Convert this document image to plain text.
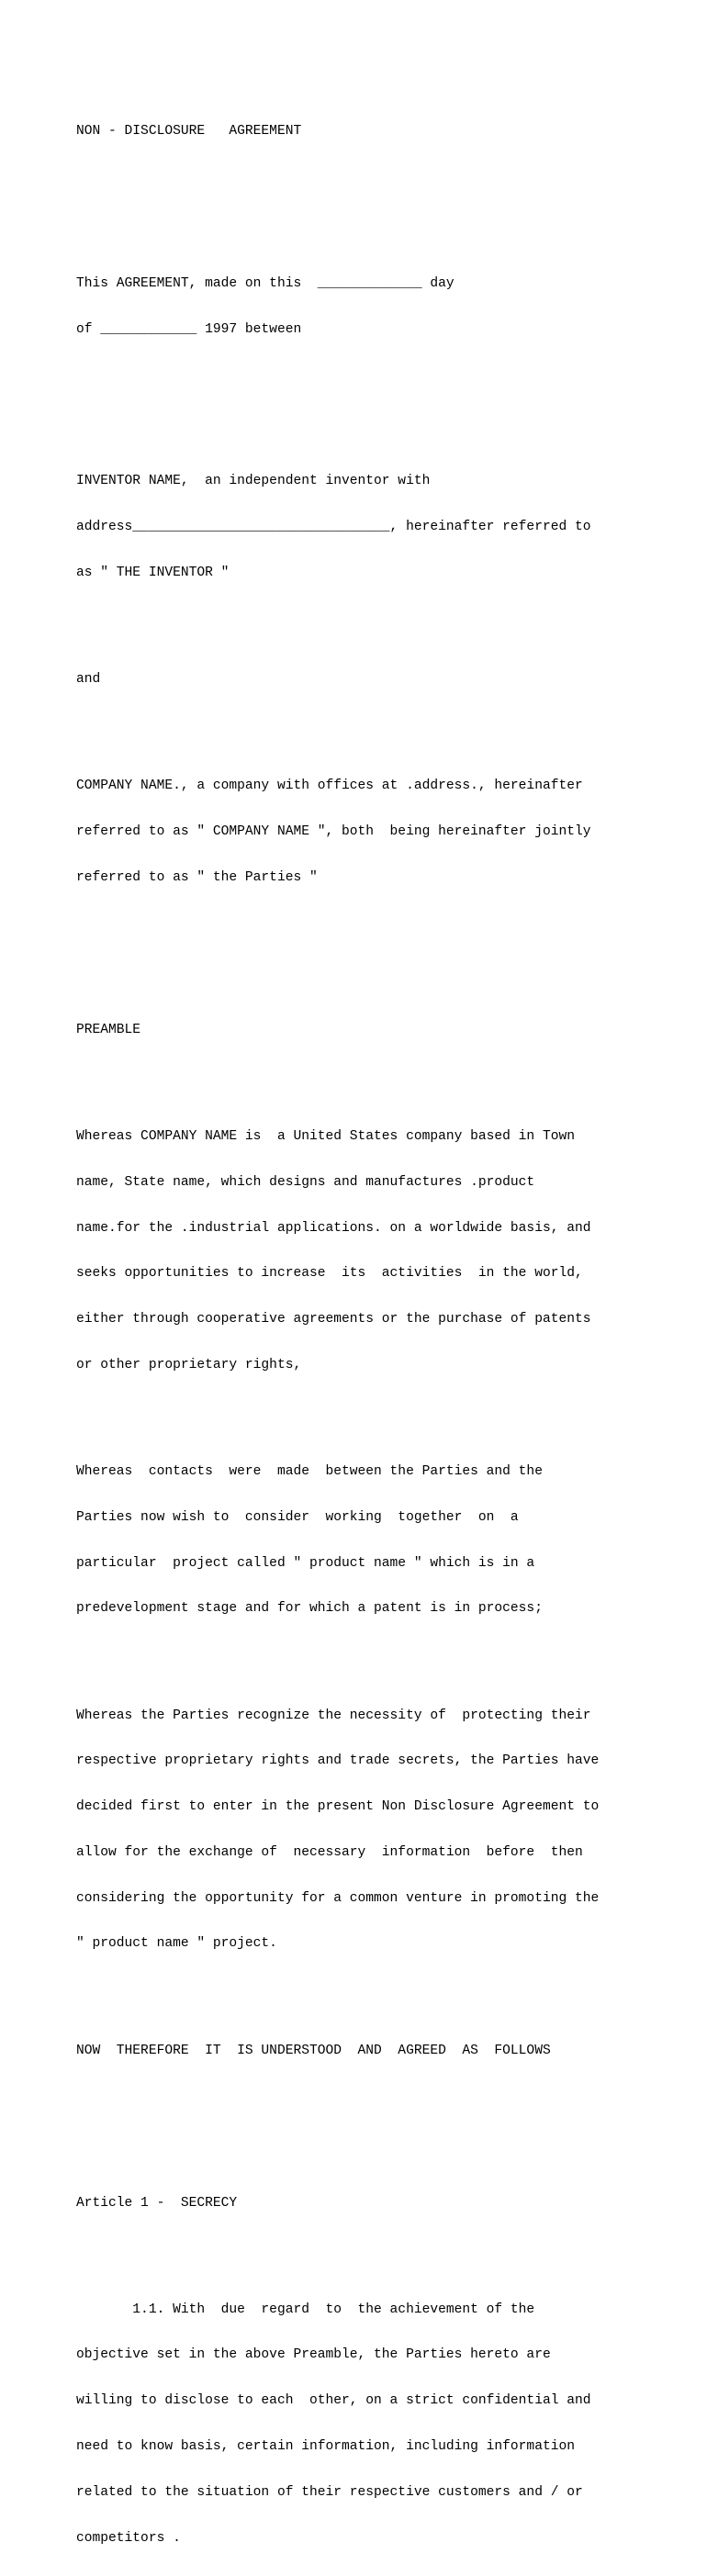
NON - DISCLOSURE   AGREEMENT

This AGREEMENT, made on this  _____________ day

of ____________ 1997 between

INVENTOR NAME,  an independent inventor with

address________________________________, hereinafter referred to

as " THE INVENTOR "

and

COMPANY NAME., a company with offices at .address., hereinafter

referred to as " COMPANY NAME ", both  being hereinafter jointly

referred to as " the Parties "

PREAMBLE

Whereas COMPANY NAME is  a United States company based in Town

name, State name, which designs and manufactures .product

name.for the .industrial applications. on a worldwide basis, and

seeks opportunities to increase  its  activities  in the world,

either through cooperative agreements or the purchase of patents

or other proprietary rights,

Whereas  contacts  were  made  between the Parties and the

Parties now wish to  consider  working  together  on  a

particular  project called " product name " which is in a

predevelopment stage and for which a patent is in process;

Whereas the Parties recognize the necessity of  protecting their

respective proprietary rights and trade secrets, the Parties have

decided first to enter in the present Non Disclosure Agreement to

allow for the exchange of  necessary  information  before  then

considering the opportunity for a common venture in promoting the

" product name " project.

NOW  THEREFORE  IT  IS UNDERSTOOD  AND  AGREED  AS  FOLLOWS

Article 1 -  SECRECY

1.1. With  due  regard  to  the achievement of the

objective set in the above Preamble, the Parties hereto are

willing to disclose to each  other, on a strict confidential and

need to know basis, certain information, including information

related to the situation of their respective customers and / or

competitors .
